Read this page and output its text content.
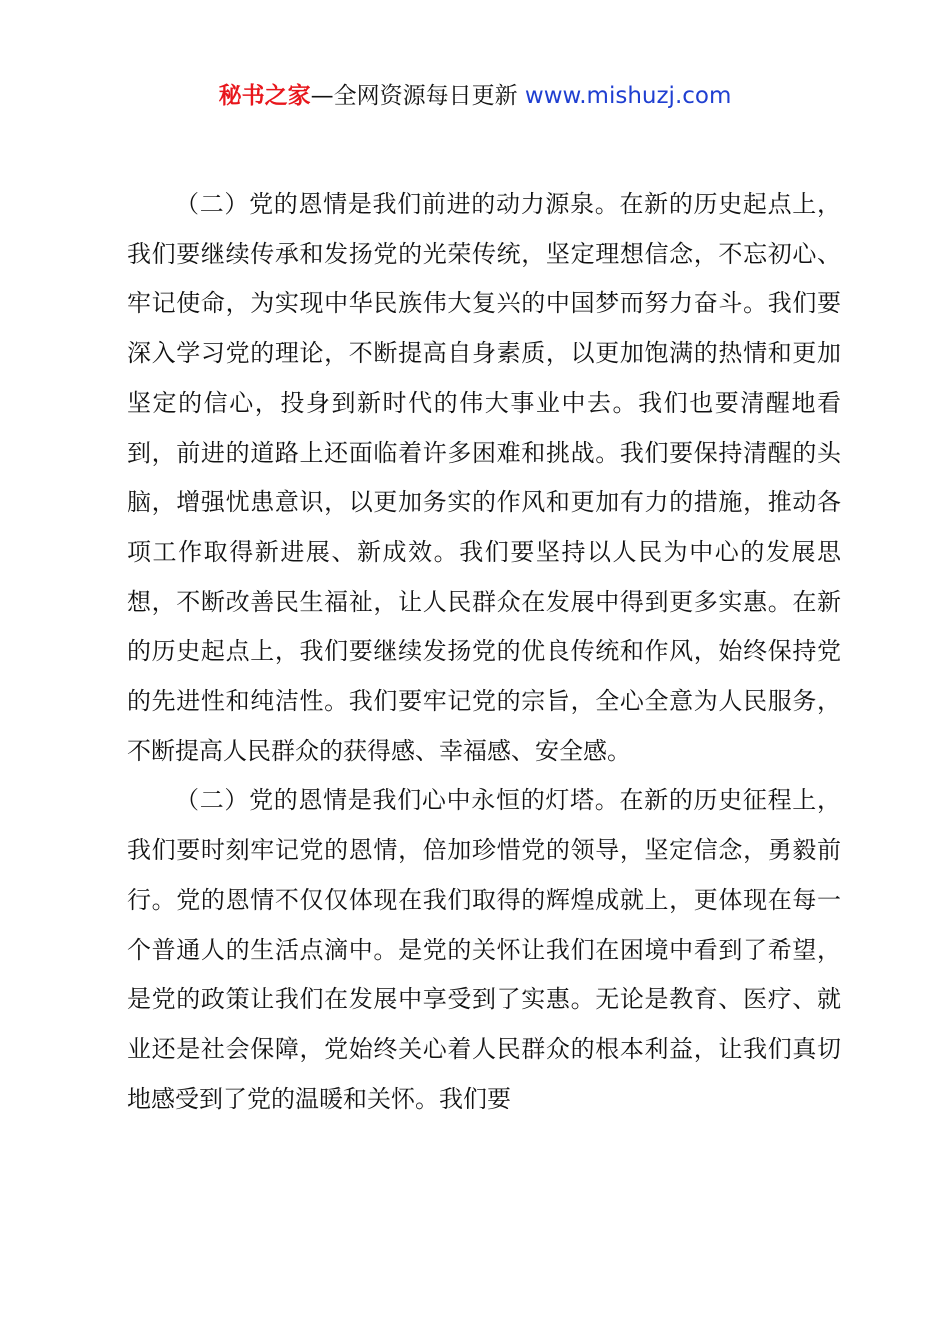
秘书之家—全网资源每日更新 www.mishuzj.com

（二）党的恩情是我们前进的动力源泉。在新的历史起点上，我们要继续传承和发扬党的光荣传统，坚定理想信念，不忘初心、牢记使命，为实现中华民族伟大复兴的中国梦而努力奋斗。我们要深入学习党的理论，不断提高自身素质，以更加饱满的热情和更加坚定的信心，投身到新时代的伟大事业中去。我们也要清醒地看到，前进的道路上还面临着许多困难和挑战。我们要保持清醒的头脑，增强忧患意识，以更加务实的作风和更加有力的措施，推动各项工作取得新进展、新成效。我们要坚持以人民为中心的发展思想，不断改善民生福祉，让人民群众在发展中得到更多实惠。在新的历史起点上，我们要继续发扬党的优良传统和作风，始终保持党的先进性和纯洁性。我们要牢记党的宗旨，全心全意为人民服务，不断提高人民群众的获得感、幸福感、安全感。

（二）党的恩情是我们心中永恒的灯塔。在新的历史征程上，我们要时刻牢记党的恩情，倍加珍惜党的领导，坚定信念，勇毅前行。党的恩情不仅仅体现在我们取得的辉煌成就上，更体现在每一个普通人的生活点滴中。是党的关怀让我们在困境中看到了希望，是党的政策让我们在发展中享受到了实惠。无论是教育、医疗、就业还是社会保障，党始终关心着人民群众的根本利益，让我们真切地感受到了党的温暖和关怀。我们要
